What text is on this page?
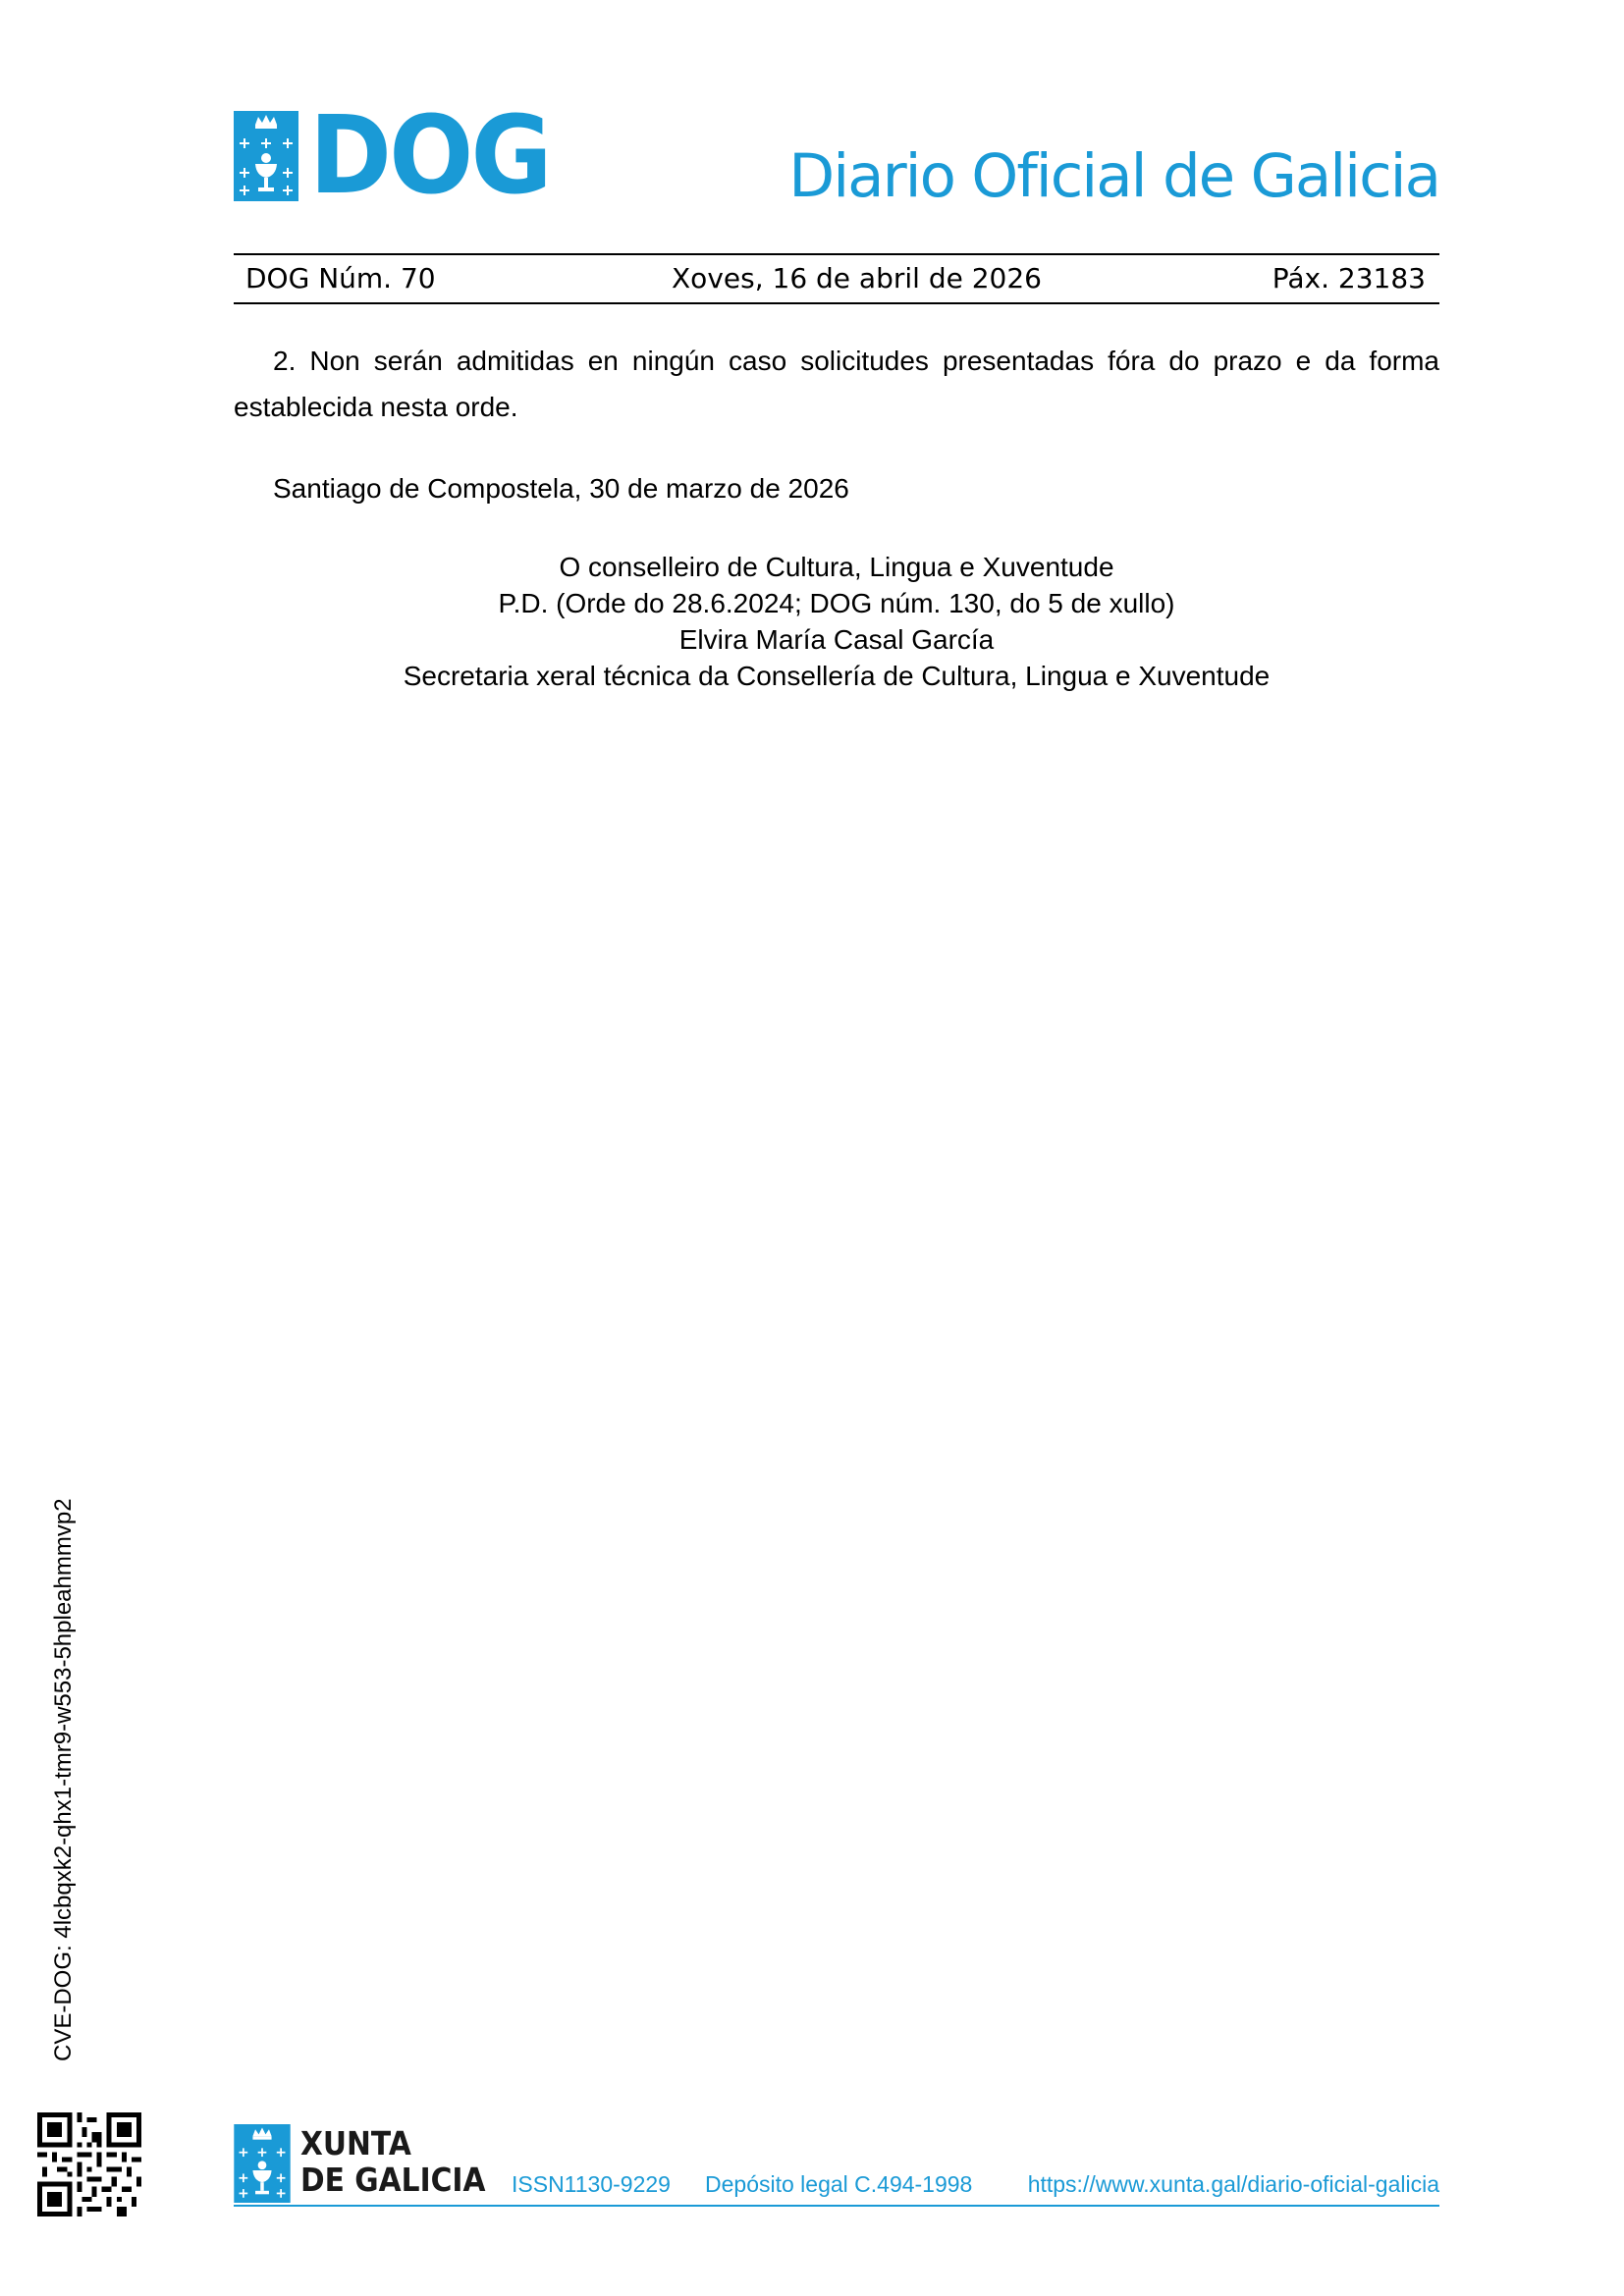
DOG	Diario Oficial de Galicia
DOG Núm. 70	Xoves, 16 de abril de 2026	Páx. 23183
2. Non serán admitidas en ningún caso solicitudes presentadas fóra do prazo e da forma establecida nesta orde.
Santiago de Compostela, 30 de marzo de 2026
O conselleiro de Cultura, Lingua e Xuventude
P.D. (Orde do 28.6.2024; DOG núm. 130, do 5 de xullo)
Elvira María Casal García
Secretaria xeral técnica da Consellería de Cultura, Lingua e Xuventude
CVE-DOG: 4lcbqxk2-qhx1-tmr9-w553-5hpleahmmvp2
XUNTA
DE GALICIA ISSN1130-9229 Depósito legal C.494-1998 https://www.xunta.gal/diario-oficial-galicia
